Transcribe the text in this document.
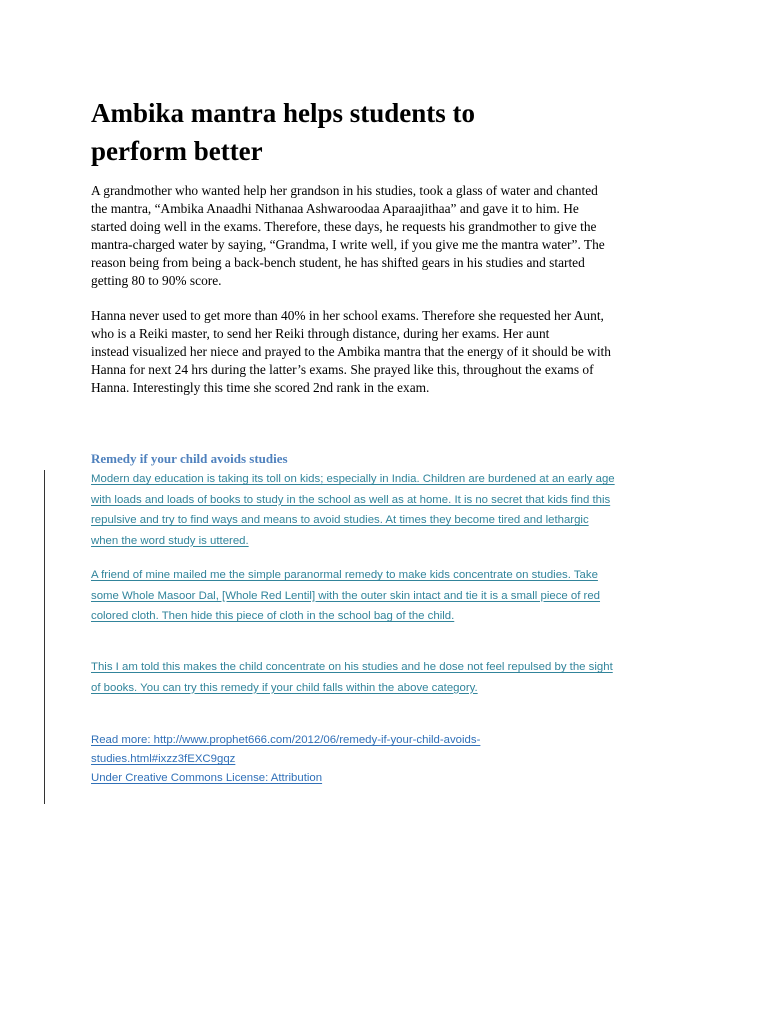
Ambika mantra helps students to
perform better

A grandmother who wanted help her grandson in his studies, took a glass of water and chanted
the mantra, “Ambika Anaadhi Nithanaa Ashwaroodaa Aparaajithaa” and gave it to him. He
started doing well in the exams. Therefore, these days, he requests his grandmother to give the
mantra-charged water by saying, “Grandma, I write well, if you give me the mantra water”. The
reason being from being a back-bench student, he has shifted gears in his studies and started
getting 80 to 90% score.

Hanna never used to get more than 40% in her school exams. Therefore she requested her Aunt,
who is a Reiki master, to send her Reiki through distance, during her exams. Her aunt
instead visualized her niece and prayed to the Ambika mantra that the energy of it should be with
Hanna for next 24 hrs during the latter’s exams. She prayed like this, throughout the exams of
Hanna. Interestingly this time she scored 2nd rank in the exam.

Remedy if your child avoids studies

Modern day education is taking its toll on kids; especially in India. Children are burdened at an early age
with loads and loads of books to study in the school as well as at home. It is no secret that kids find this
repulsive and try to find ways and means to avoid studies. At times they become tired and lethargic
when the word study is uttered.

A friend of mine mailed me the simple paranormal remedy to make kids concentrate on studies. Take
some Whole Masoor Dal, [Whole Red Lentil] with the outer skin intact and tie it is a small piece of red
colored cloth. Then hide this piece of cloth in the school bag of the child.

This I am told this makes the child concentrate on his studies and he dose not feel repulsed by the sight
of books. You can try this remedy if your child falls within the above category.

Read more: http://www.prophet666.com/2012/06/remedy-if-your-child-avoids-
studies.html#ixzz3fEXC9gqz
Under Creative Commons License: Attribution
